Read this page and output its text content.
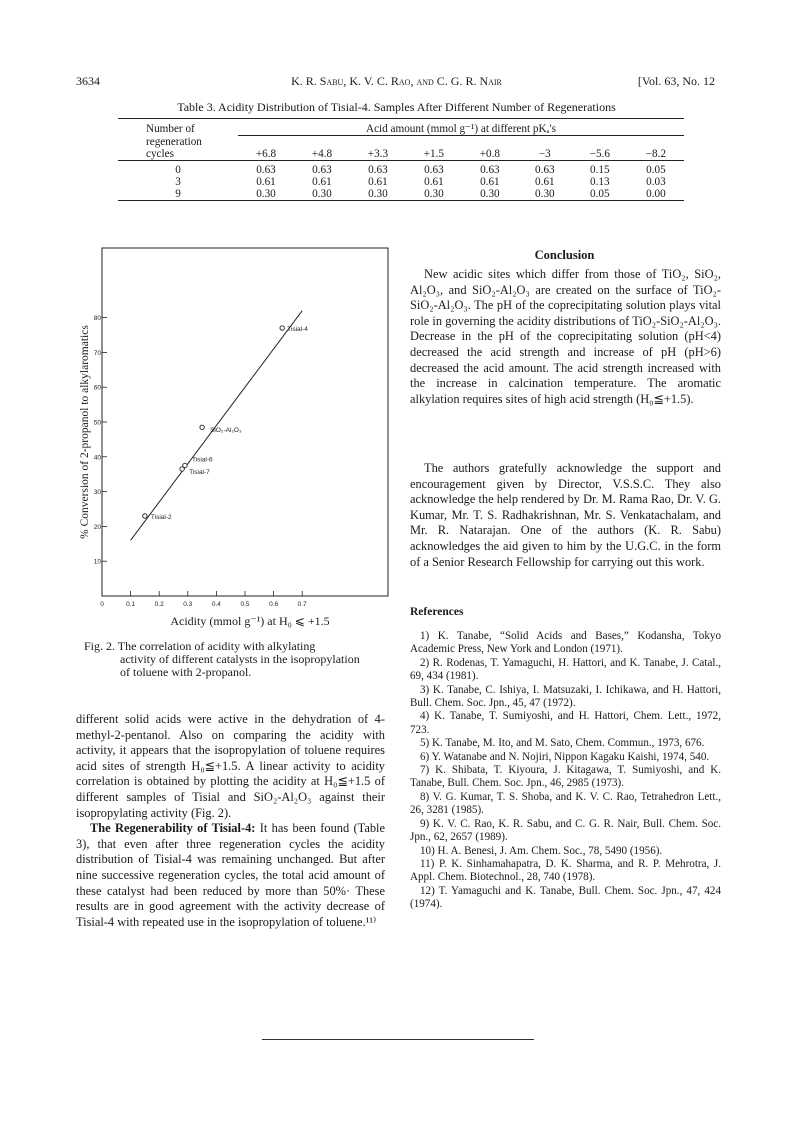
3634	K. R. Sabu, K. V. C. Rao, and C. G. R. Nair	[Vol. 63, No. 12
Table 3. Acidity Distribution of Tisial-4. Samples After Different Number of Regenerations
Number of	Acid amount (mmol g⁻¹) at different pKₐ's							
regeneration								
cycles	+6.8	+4.8	+3.3	+1.5	+0.8	−3	−5.6	−8.2
0	0.63	0.63	0.63	0.63	0.63	0.63	0.15	0.05
3	0.61	0.61	0.61	0.61	0.61	0.61	0.13	0.03
9	0.30	0.30	0.30	0.30	0.30	0.30	0.05	0.00
10
20
30
40
50
60
70
80
0	0.1	0.2	0.3	0.4	0.5	0.6	0.7
Tisial-2
Tisial-6
Tisial-7
SiO₂-Al₂O₃
Tisial-4
% Conversion of 2-propanol to alkylaromatics
Acidity (mmol g⁻¹) at H₀ ⩽ +1.5
Fig. 2. The correlation of acidity with alkylating
activity of different catalysts in the isopropylation
of toluene with 2-propanol.

different solid acids were active in the dehydration of 4-methyl-2-pentanol. Also on comparing the acidity with activity, it appears that the isopropylation of toluene requires acid sites of strength H₀≦+1.5. A linear activity to acidity correlation is obtained by plotting the acidity at H₀≦+1.5 of different samples of Tisial and SiO₂-Al₂O₃ against their isopropylating activity (Fig. 2).

The Regenerability of Tisial-4: It has been found (Table 3), that even after three regeneration cycles the acidity distribution of Tisial-4 was remaining unchanged. But after nine successive regeneration cycles, the total acid amount of these catalyst had been reduced by more than 50%· These results are in good agreement with the activity decrease of Tisial-4 with repeated use in the isopropylation of toluene.¹¹⁾

Conclusion

New acidic sites which differ from those of TiO₂, SiO₂, Al₂O₃, and SiO₂-Al₂O₃ are created on the surface of TiO₂-SiO₂-Al₂O₃. The pH of the coprecipitating solution plays vital role in governing the acidity distributions of TiO₂-SiO₂-Al₂O₃. Decrease in the pH of the coprecipitating solution (pH<4) decreased the acid strength and increase of pH (pH>6) decreased the acid amount. The acid strength increased with the increase in calcination temperature. The aromatic alkylation requires sites of high acid strength (H₀≦+1.5).

The authors gratefully acknowledge the support and encouragement given by Director, V.S.S.C. They also acknowledge the help rendered by Dr. M. Rama Rao, Dr. V. G. Kumar, Mr. T. S. Radhakrishnan, Mr. S. Venkatachalam, and Mr. R. Natarajan. One of the authors (K. R. Sabu) acknowledges the aid given to him by the U.G.C. in the form of a Senior Research Fellowship for carrying out this work.

References

1) K. Tanabe, “Solid Acids and Bases,” Kodansha, Tokyo Academic Press, New York and London (1971).

2) R. Rodenas, T. Yamaguchi, H. Hattori, and K. Tanabe, J. Catal., 69, 434 (1981).

3) K. Tanabe, C. Ishiya, I. Matsuzaki, I. Ichikawa, and H. Hattori, Bull. Chem. Soc. Jpn., 45, 47 (1972).

4) K. Tanabe, T. Sumiyoshi, and H. Hattori, Chem. Lett., 1972, 723.

5) K. Tanabe, M. Ito, and M. Sato, Chem. Commun., 1973, 676.

6) Y. Watanabe and N. Nojiri, Nippon Kagaku Kaishi, 1974, 540.

7) K. Shibata, T. Kiyoura, J. Kitagawa, T. Sumiyoshi, and K. Tanabe, Bull. Chem. Soc. Jpn., 46, 2985 (1973).

8) V. G. Kumar, T. S. Shoba, and K. V. C. Rao, Tetrahedron Lett., 26, 3281 (1985).

9) K. V. C. Rao, K. R. Sabu, and C. G. R. Nair, Bull. Chem. Soc. Jpn., 62, 2657 (1989).

10) H. A. Benesi, J. Am. Chem. Soc., 78, 5490 (1956).

11) P. K. Sinhamahapatra, D. K. Sharma, and R. P. Mehrotra, J. Appl. Chem. Biotechnol., 28, 740 (1978).

12) T. Yamaguchi and K. Tanabe, Bull. Chem. Soc. Jpn., 47, 424 (1974).
